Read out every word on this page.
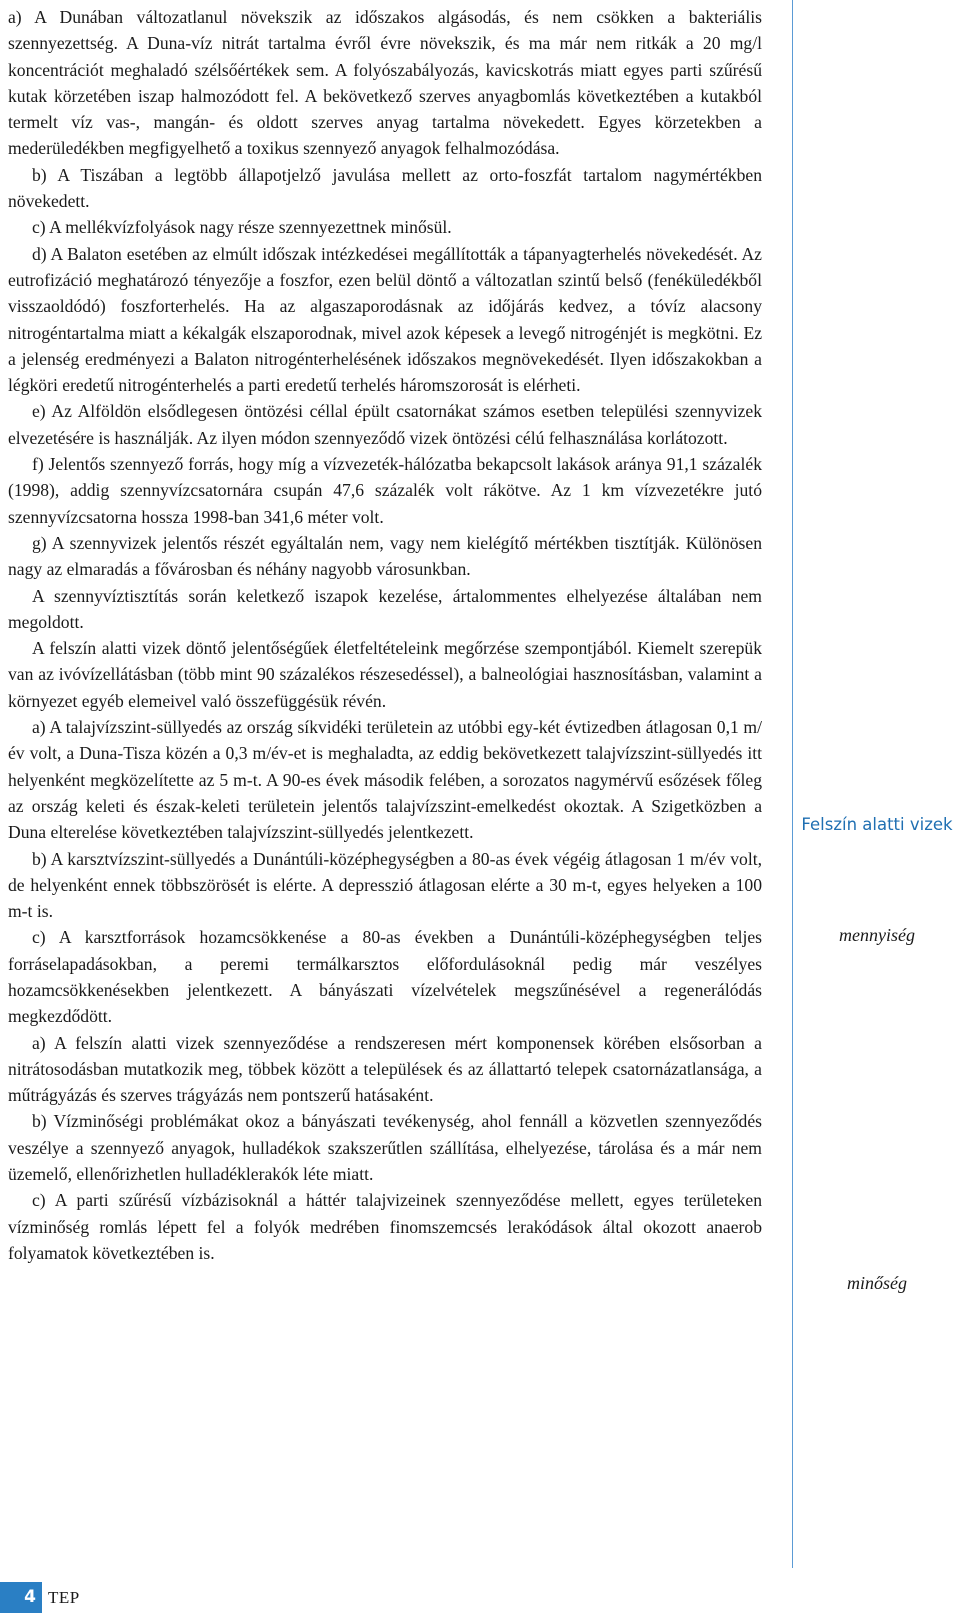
a) A Dunában változatlanul növekszik az időszakos algásodás, és nem csökken a bakteriális szennyezettség. A Duna-víz nitrát tartalma évről évre növekszik, és ma már nem ritkák a 20 mg/l koncentrációt meghaladó szélsőértékek sem. A folyószabályozás, kavicskotrás miatt egyes parti szűrésű kutak körzetében iszap halmozódott fel. A bekövetkező szerves anyagbomlás következtében a kutakból termelt víz vas-, mangán- és oldott szerves anyag tartalma növekedett. Egyes körzetekben a mederüledékben megfigyelhető a toxikus szennyező anyagok felhalmozódása.

b) A Tiszában a legtöbb állapotjelző javulása mellett az orto-foszfát tartalom nagymértékben növekedett.

c) A mellékvízfolyások nagy része szennyezettnek minősül.

d) A Balaton esetében az elmúlt időszak intézkedései megállították a tápanyagterhelés növekedését. Az eutrofizáció meghatározó tényezője a foszfor, ezen belül döntő a változatlan szintű belső (fenéküledékből visszaoldódó) foszforterhelés. Ha az algaszaporodásnak az időjárás kedvez, a tóvíz alacsony nitrogéntartalma miatt a kékalgák elszaporodnak, mivel azok képesek a levegő nitrogénjét is megkötni. Ez a jelenség eredményezi a Balaton nitrogénterhelésének időszakos megnövekedését. Ilyen időszakokban a légköri eredetű nitrogénterhelés a parti eredetű terhelés háromszorosát is elérheti.

e) Az Alföldön elsődlegesen öntözési céllal épült csatornákat számos esetben települési szennyvizek elvezetésére is használják. Az ilyen módon szennyeződő vizek öntözési célú felhasználása korlátozott.

f) Jelentős szennyező forrás, hogy míg a vízvezeték-hálózatba bekapcsolt lakások aránya 91,1 százalék (1998), addig szennyvízcsatornára csupán 47,6 százalék volt rákötve. Az 1 km vízvezetékre jutó szennyvízcsatorna hossza 1998-ban 341,6 méter volt.

g) A szennyvizek jelentős részét egyáltalán nem, vagy nem kielégítő mértékben tisztítják. Különösen nagy az elmaradás a fővárosban és néhány nagyobb városunkban.

A szennyvíztisztítás során keletkező iszapok kezelése, ártalommentes elhelyezése általában nem megoldott.

A felszín alatti vizek döntő jelentőségűek életfeltételeink megőrzése szempontjából. Kiemelt szerepük van az ivóvízellátásban (több mint 90 százalékos részesedéssel), a balneológiai hasznosításban, valamint a környezet egyéb elemeivel való összefüggésük révén.

a) A talajvízszint-süllyedés az ország síkvidéki területein az utóbbi egy-két évtizedben átlagosan 0,1 m/év volt, a Duna-Tisza közén a 0,3 m/év-et is meghaladta, az eddig bekövetkezett talajvízszint-süllyedés itt helyenként megközelítette az 5 m-t. A 90-es évek második felében, a sorozatos nagymérvű esőzések főleg az ország keleti és észak-keleti területein jelentős talajvízszint-emelkedést okoztak. A Szigetközben a Duna elterelése következtében talajvízszint-süllyedés jelentkezett.

b) A karsztvízszint-süllyedés a Dunántúli-középhegységben a 80-as évek végéig átlagosan 1 m/év volt, de helyenként ennek többszörösét is elérte. A depresszió átlagosan elérte a 30 m-t, egyes helyeken a 100 m-t is.

c) A karsztforrások hozamcsökkenése a 80-as években a Dunántúli-középhegységben teljes forráselapadásokban, a peremi termálkarsztos előfordulásoknál pedig már veszélyes hozamcsökkenésekben jelentkezett. A bányászati vízelvételek megszűnésével a regenerálódás megkezdődött.

a) A felszín alatti vizek szennyeződése a rendszeresen mért komponensek körében elsősorban a nitrátosodásban mutatkozik meg, többek között a települések és az állattartó telepek csatornázatlansága, a műtrágyázás és szerves trágyázás nem pontszerű hatásaként.

b) Vízminőségi problémákat okoz a bányászati tevékenység, ahol fennáll a közvetlen szennyeződés veszélye a szennyező anyagok, hulladékok szakszerűtlen szállítása, elhelyezése, tárolása és a már nem üzemelő, ellenőrizhetlen hulladéklerakók léte miatt.

c) A parti szűrésű vízbázisoknál a háttér talajvizeinek szennyeződése mellett, egyes területeken vízminőség romlás lépett fel a folyók medrében finomszemcsés lerakódások által okozott anaerob folyamatok következtében is.

Felszín alatti vizek
mennyiség
minőség
4 TEP
